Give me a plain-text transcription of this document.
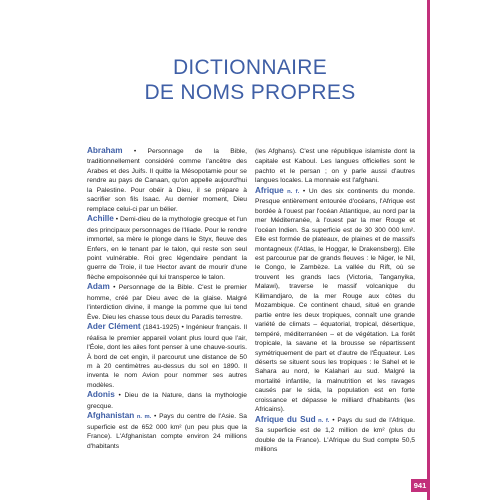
DICTIONNAIRE
DE NOMS PROPRES

Abraham • Personnage de la Bible, traditionnellement considéré comme l'ancêtre des Arabes et des Juifs. Il quitte la Mésopotamie pour se rendre au pays de Canaan, qu'on appelle aujourd'hui la Palestine. Pour obéir à Dieu, il se prépare à sacrifier son fils Isaac. Au dernier moment, Dieu remplace celui-ci par un bélier.

Achille • Demi-dieu de la mythologie grecque et l'un des principaux personnages de l'Iliade. Pour le rendre immortel, sa mère le plonge dans le Styx, fleuve des Enfers, en le tenant par le talon, qui reste son seul point vulnérable. Roi grec légendaire pendant la guerre de Troie, il tue Hector avant de mourir d'une flèche empoisonnée qui lui transperce le talon.

Adam • Personnage de la Bible. C'est le premier homme, créé par Dieu avec de la glaise. Malgré l'interdiction divine, il mange la pomme que lui tend Ève. Dieu les chasse tous deux du Paradis terrestre.

Ader Clément (1841-1925) • Ingénieur français. Il réalisa le premier appareil volant plus lourd que l'air, l'Éole, dont les ailes font penser à une chauve-souris. À bord de cet engin, il parcourut une distance de 50 m à 20 centimètres au-dessus du sol en 1890. Il inventa le nom Avion pour nommer ses autres modèles.

Adonis • Dieu de la Nature, dans la mythologie grecque.

Afghanistan n. m. • Pays du centre de l'Asie. Sa superficie est de 652 000 km² (un peu plus que la France). L'Afghanistan compte environ 24 millions d'habitants

(les Afghans). C'est une république islamiste dont la capitale est Kaboul. Les langues officielles sont le pachto et le persan ; on y parle aussi d'autres langues locales. La monnaie est l'afghani.

Afrique n. f. • Un des six continents du monde. Presque entièrement entourée d'océans, l'Afrique est bordée à l'ouest par l'océan Atlantique, au nord par la mer Méditerranée, à l'ouest par la mer Rouge et l'océan Indien. Sa superficie est de 30 300 000 km². Elle est formée de plateaux, de plaines et de massifs montagneux (l'Atlas, le Hoggar, le Drakensberg). Elle est parcourue par de grands fleuves : le Niger, le Nil, le Congo, le Zambèze. La vallée du Rift, où se trouvent les grands lacs (Victoria, Tanganyika, Malawi), traverse le massif volcanique du Kilimandjaro, de la mer Rouge aux côtes du Mozambique. Ce continent chaud, situé en grande partie entre les deux tropiques, connaît une grande variété de climats – équatorial, tropical, désertique, tempéré, méditerranéen – et de végétation. La forêt tropicale, la savane et la brousse se répartissent symétriquement de part et d'autre de l'Équateur. Les déserts se situent sous les tropiques : le Sahel et le Sahara au nord, le Kalahari au sud. Malgré la mortalité infantile, la malnutrition et les ravages causés par le sida, la population est en forte croissance et dépasse le milliard d'habitants (les Africains).

Afrique du Sud n. f. • Pays du sud de l'Afrique. Sa superficie est de 1,2 million de km² (plus du double de la France). L'Afrique du Sud compte 50,5 millions

941
